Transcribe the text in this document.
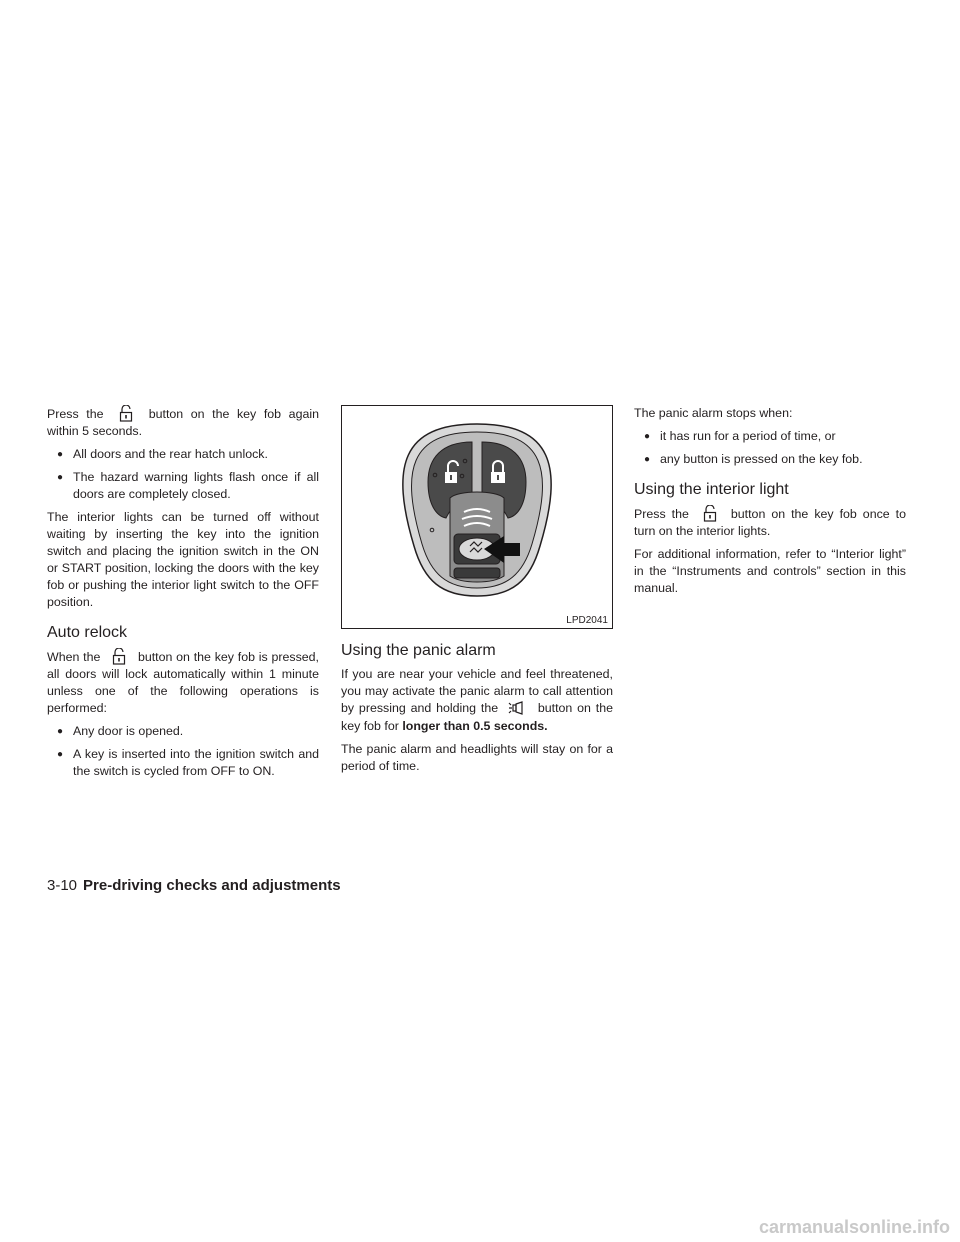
Press the	button on the key fob again within 5 seconds.

● All doors and the rear hatch unlock.
● The hazard warning lights flash once if all doors are completely closed.

The interior lights can be turned off without waiting by inserting the key into the ignition switch and placing the ignition switch in the ON or START position, locking the doors with the key fob or pushing the interior light switch to the OFF position.

Auto relock

When the	button on the key fob is pressed, all doors will lock automatically within 1 minute unless one of the following operations is performed:

● Any door is opened.
● A key is inserted into the ignition switch and the switch is cycled from OFF to ON.
LPD2041
Using the panic alarm

If you are near your vehicle and feel threatened, you may activate the panic alarm to call attention by pressing and holding the	button on the key fob for longer than 0.5 seconds.

The panic alarm and headlights will stay on for a period of time.

The panic alarm stops when:

● it has run for a period of time, or
● any button is pressed on the key fob.
Using the interior light

Press the	button on the key fob once to turn on the interior lights.

For additional information, refer to “Interior light” in the “Instruments and controls” section in this manual.

3-10 Pre-driving checks and adjustments
carmanualsonline.info
